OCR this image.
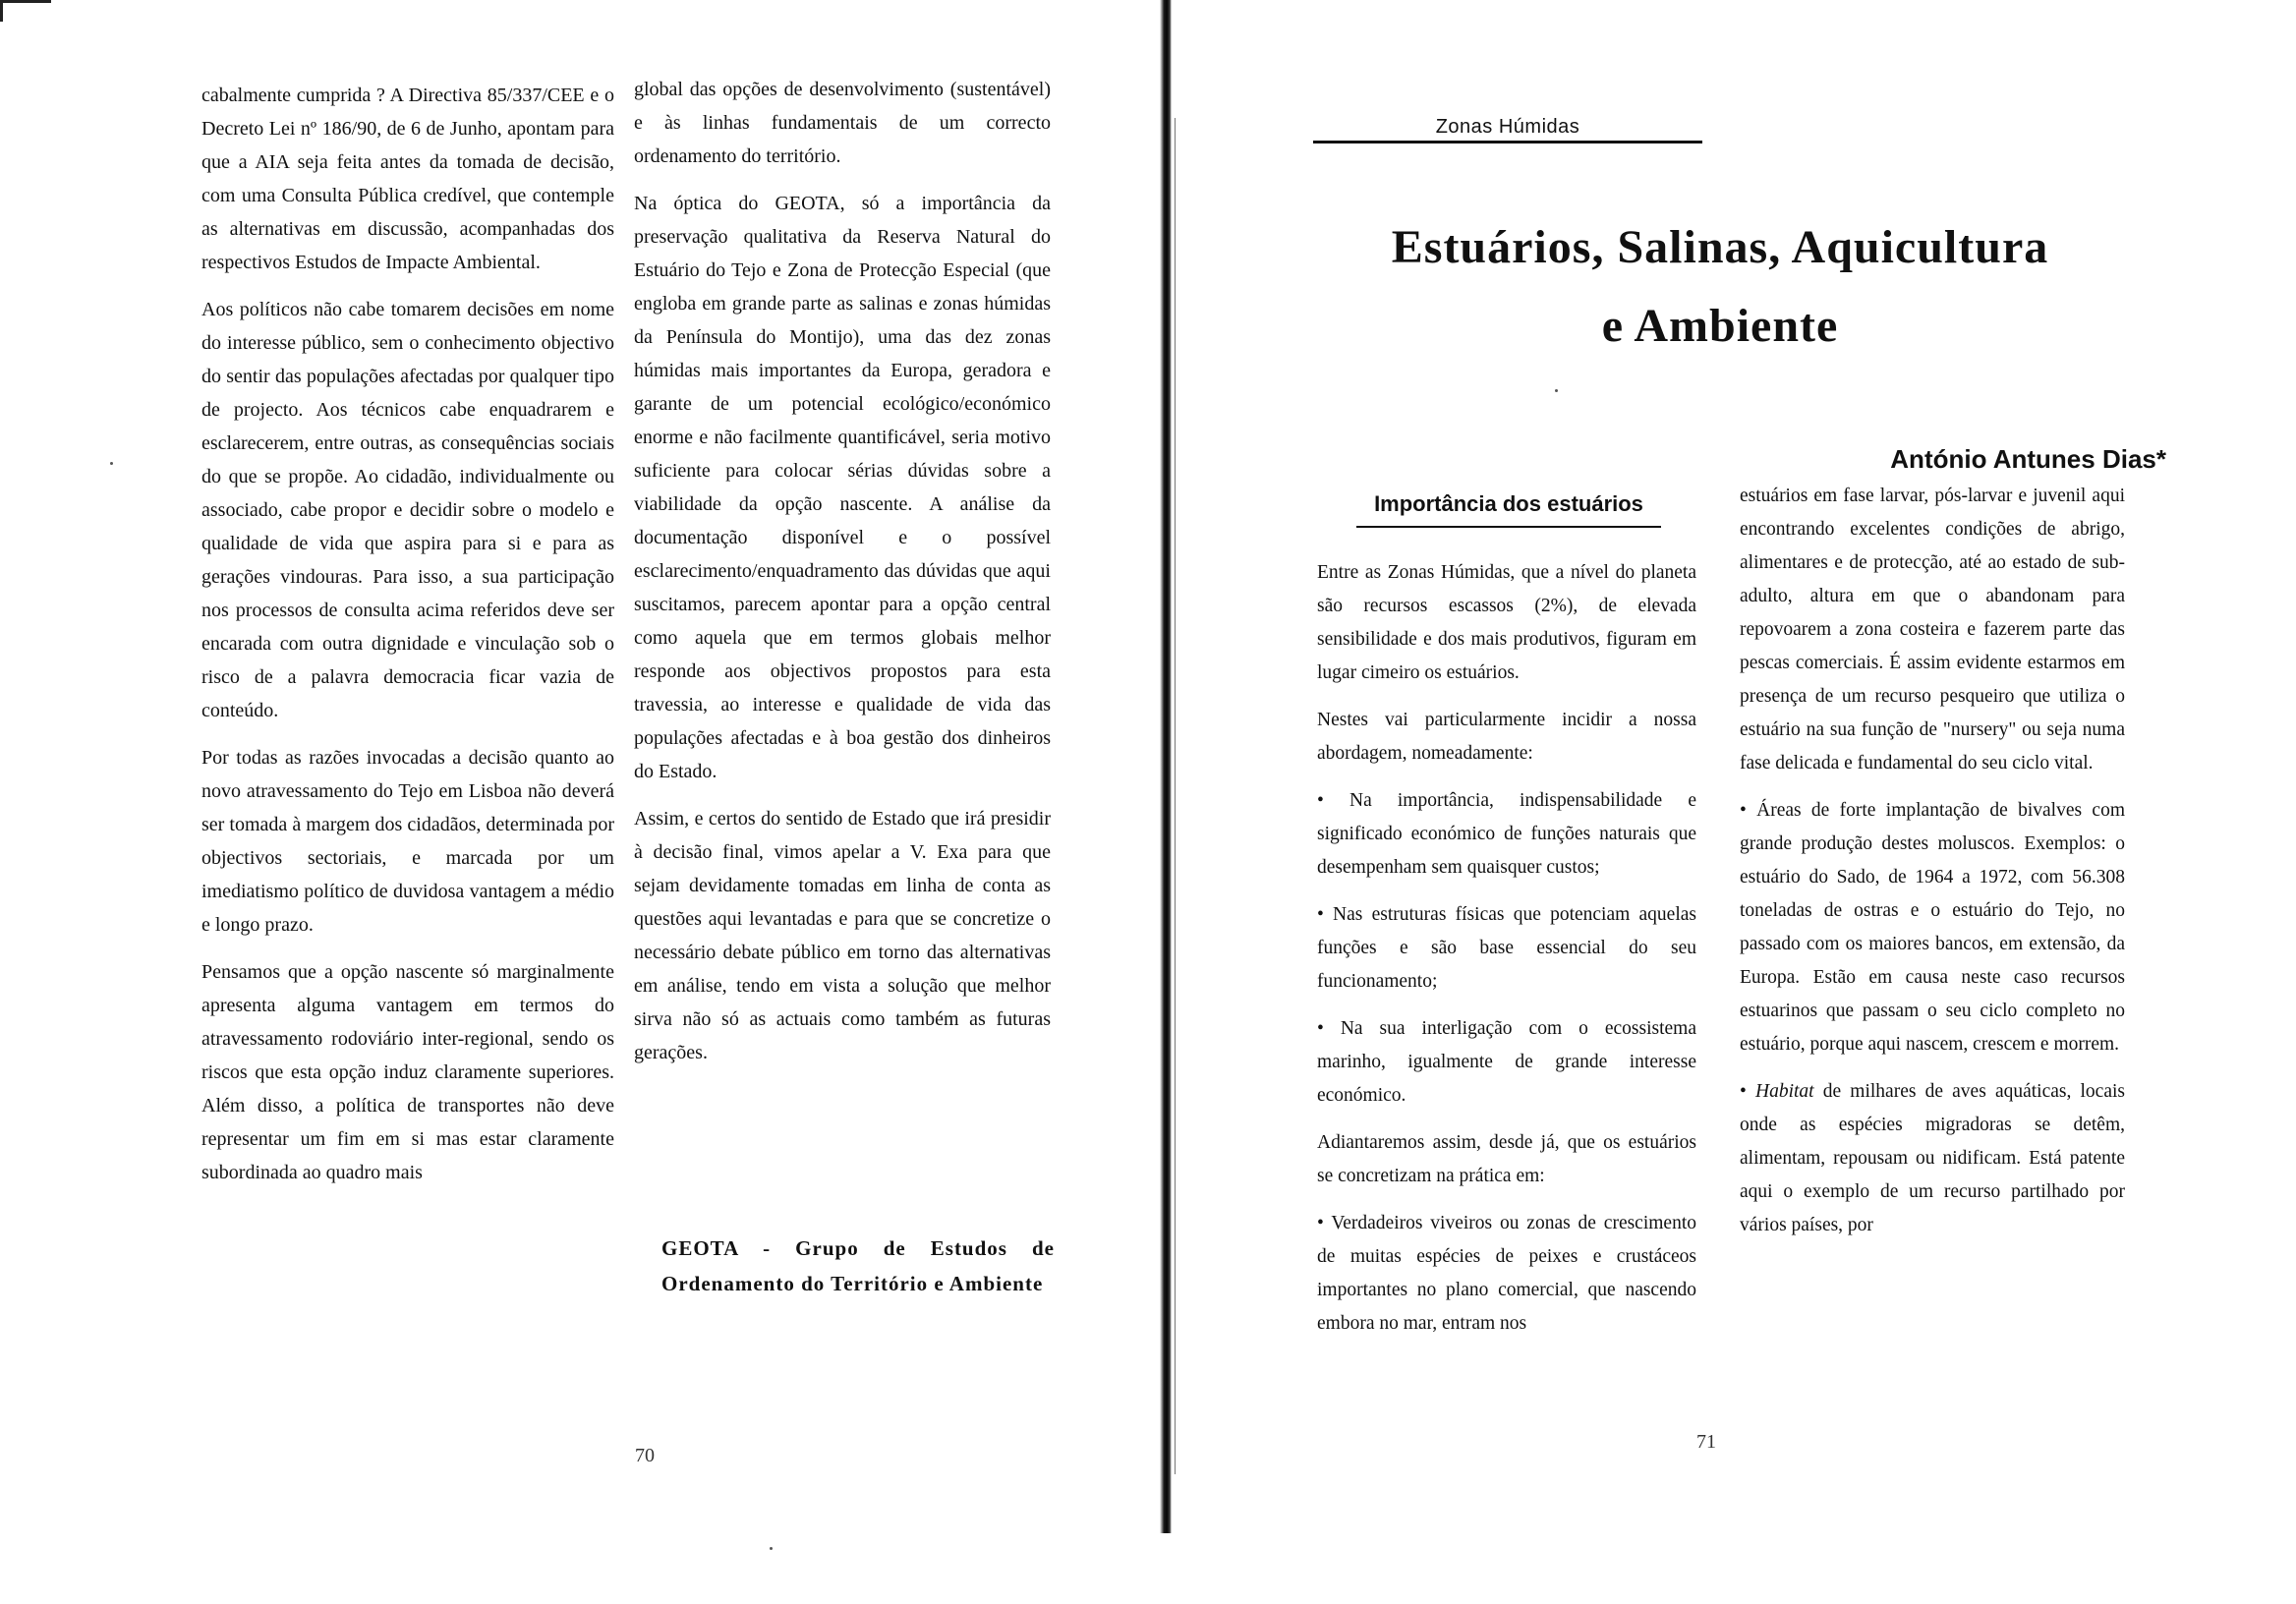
cabalmente cumprida ? A Directiva 85/337/CEE e o Decreto Lei nº 186/90, de 6 de Junho, apontam para que a AIA seja feita antes da tomada de decisão, com uma Consulta Pública credível, que contemple as alternativas em discussão, acompanhadas dos respectivos Estudos de Impacte Ambiental.

Aos políticos não cabe tomarem decisões em nome do interesse público, sem o conhecimento objectivo do sentir das populações afectadas por qualquer tipo de projecto. Aos técnicos cabe enquadrarem e esclarecerem, entre outras, as consequências sociais do que se propõe. Ao cidadão, individualmente ou associado, cabe propor e decidir sobre o modelo e qualidade de vida que aspira para si e para as gerações vindouras. Para isso, a sua participação nos processos de consulta acima referidos deve ser encarada com outra dignidade e vinculação sob o risco de a palavra democracia ficar vazia de conteúdo.

Por todas as razões invocadas a decisão quanto ao novo atravessamento do Tejo em Lisboa não deverá ser tomada à margem dos cidadãos, determinada por objectivos sectoriais, e marcada por um imediatismo político de duvidosa vantagem a médio e longo prazo.

Pensamos que a opção nascente só marginalmente apresenta alguma vantagem em termos do atravessamento rodoviário inter-regional, sendo os riscos que esta opção induz claramente superiores. Além disso, a política de transportes não deve representar um fim em si mas estar claramente subordinada ao quadro mais

global das opções de desenvolvimento (sustentável) e às linhas fundamentais de um correcto ordenamento do território.

Na óptica do GEOTA, só a importância da preservação qualitativa da Reserva Natural do Estuário do Tejo e Zona de Protecção Especial (que engloba em grande parte as salinas e zonas húmidas da Península do Montijo), uma das dez zonas húmidas mais importantes da Europa, geradora e garante de um potencial ecológico/económico enorme e não facilmente quantificável, seria motivo suficiente para colocar sérias dúvidas sobre a viabilidade da opção nascente. A análise da documentação disponível e o possível esclarecimento/enquadramento das dúvidas que aqui suscitamos, parecem apontar para a opção central como aquela que em termos globais melhor responde aos objectivos propostos para esta travessia, ao interesse e qualidade de vida das populações afectadas e à boa gestão dos dinheiros do Estado.

Assim, e certos do sentido de Estado que irá presidir à decisão final, vimos apelar a V. Exa para que sejam devidamente tomadas em linha de conta as questões aqui levantadas e para que se concretize o necessário debate público em torno das alternativas em análise, tendo em vista a solução que melhor sirva não só as actuais como também as futuras gerações.

GEOTA - Grupo de Estudos de Ordenamento do Território e Ambiente
70
Zonas Húmidas
Estuários, Salinas, Aquicultura
e Ambiente
António Antunes Dias*
Importância dos estuários

Entre as Zonas Húmidas, que a nível do planeta são recursos escassos (2%), de elevada sensibilidade e dos mais produtivos, figuram em lugar cimeiro os estuários.

Nestes vai particularmente incidir a nossa abordagem, nomeadamente:

• Na importância, indispensabilidade e significado económico de funções naturais que desempenham sem quaisquer custos;

• Nas estruturas físicas que potenciam aquelas funções e são base essencial do seu funcionamento;

• Na sua interligação com o ecossistema marinho, igualmente de grande interesse económico.

Adiantaremos assim, desde já, que os estuários se concretizam na prática em:

• Verdadeiros viveiros ou zonas de crescimento de muitas espécies de peixes e crustáceos importantes no plano comercial, que nascendo embora no mar, entram nos

estuários em fase larvar, pós-larvar e juvenil aqui encontrando excelentes condições de abrigo, alimentares e de protecção, até ao estado de sub-adulto, altura em que o abandonam para repovoarem a zona costeira e fazerem parte das pescas comerciais. É assim evidente estarmos em presença de um recurso pesqueiro que utiliza o estuário na sua função de "nursery" ou seja numa fase delicada e fundamental do seu ciclo vital.

• Áreas de forte implantação de bivalves com grande produção destes moluscos. Exemplos: o estuário do Sado, de 1964 a 1972, com 56.308 toneladas de ostras e o estuário do Tejo, no passado com os maiores bancos, em extensão, da Europa. Estão em causa neste caso recursos estuarinos que passam o seu ciclo completo no estuário, porque aqui nascem, crescem e morrem.

• Habitat de milhares de aves aquáticas, locais onde as espécies migradoras se detêm, alimentam, repousam ou nidificam. Está patente aqui o exemplo de um recurso partilhado por vários países, por

71
